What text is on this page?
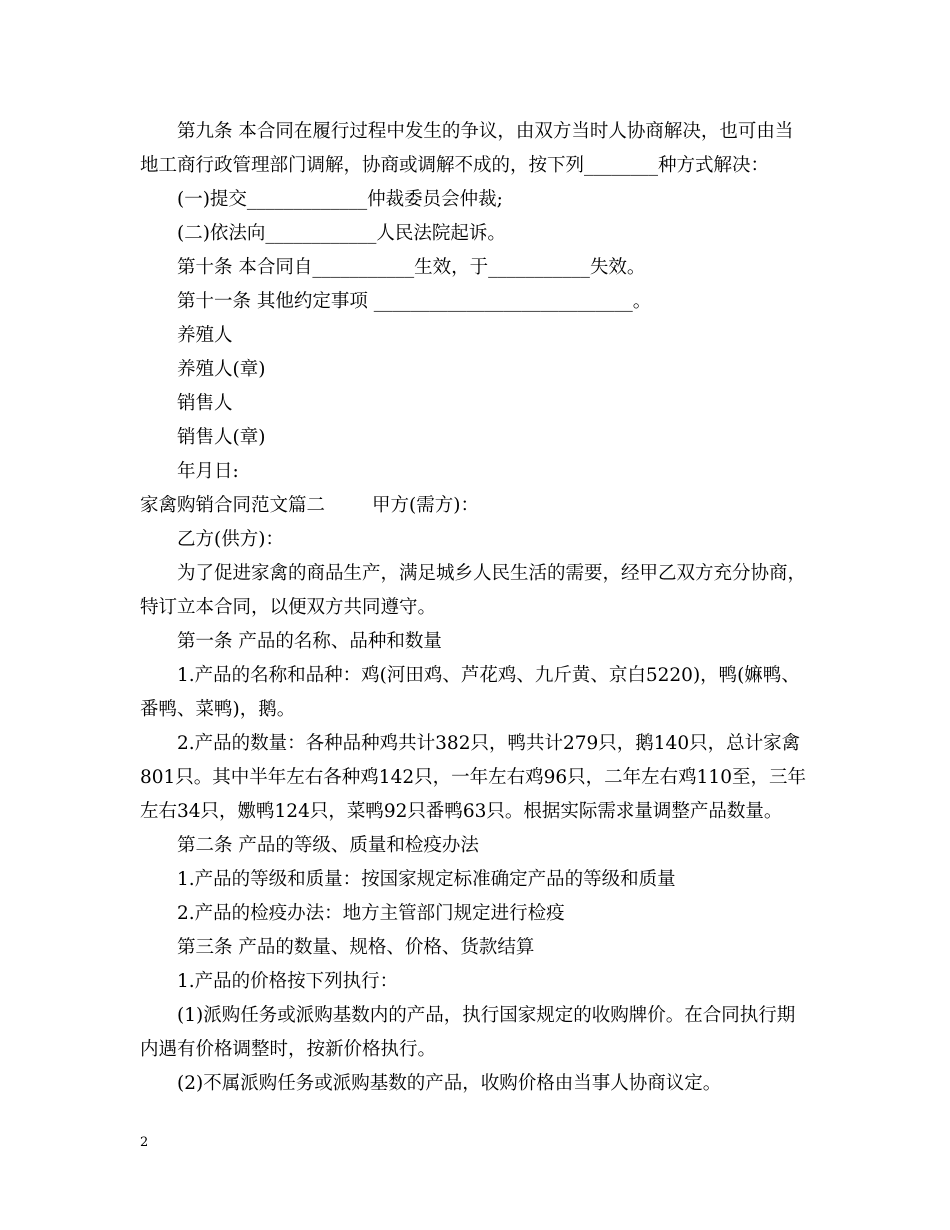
第九条 本合同在履行过程中发生的争议，由双方当时人协商解决，也可由当
地工商行政管理部门调解，协商或调解不成的，按下列________种方式解决：
(一)提交_____________仲裁委员会仲裁;
(二)依法向____________人民法院起诉。
第十条 本合同自___________生效，于___________失效。
第十一条 其他约定事项 ____________________________。
养殖人
养殖人(章)
销售人
销售人(章)
年月日:
家禽购销合同范文篇二        甲方(需方)：
乙方(供方)：
为了促进家禽的商品生产，满足城乡人民生活的需要，经甲乙双方充分协商，
特订立本合同，以便双方共同遵守。
第一条 产品的名称、品种和数量
1.产品的名称和品种：鸡(河田鸡、芦花鸡、九斤黄、京白5220)，鸭(嫲鸭、
番鸭、菜鸭)，鹅。
2.产品的数量：各种品种鸡共计382只，鸭共计279只，鹅140只，总计家禽
801只。其中半年左右各种鸡142只，一年左右鸡96只，二年左右鸡110至，三年
左右34只，嫐鸭124只，菜鸭92只番鸭63只。根据实际需求量调整产品数量。
第二条 产品的等级、质量和检疫办法
1.产品的等级和质量：按国家规定标准确定产品的等级和质量
2.产品的检疫办法：地方主管部门规定进行检疫
第三条 产品的数量、规格、价格、货款结算
1.产品的价格按下列执行：
(1)派购任务或派购基数内的产品，执行国家规定的收购牌价。在合同执行期
内遇有价格调整时，按新价格执行。
(2)不属派购任务或派购基数的产品，收购价格由当事人协商议定。
2
